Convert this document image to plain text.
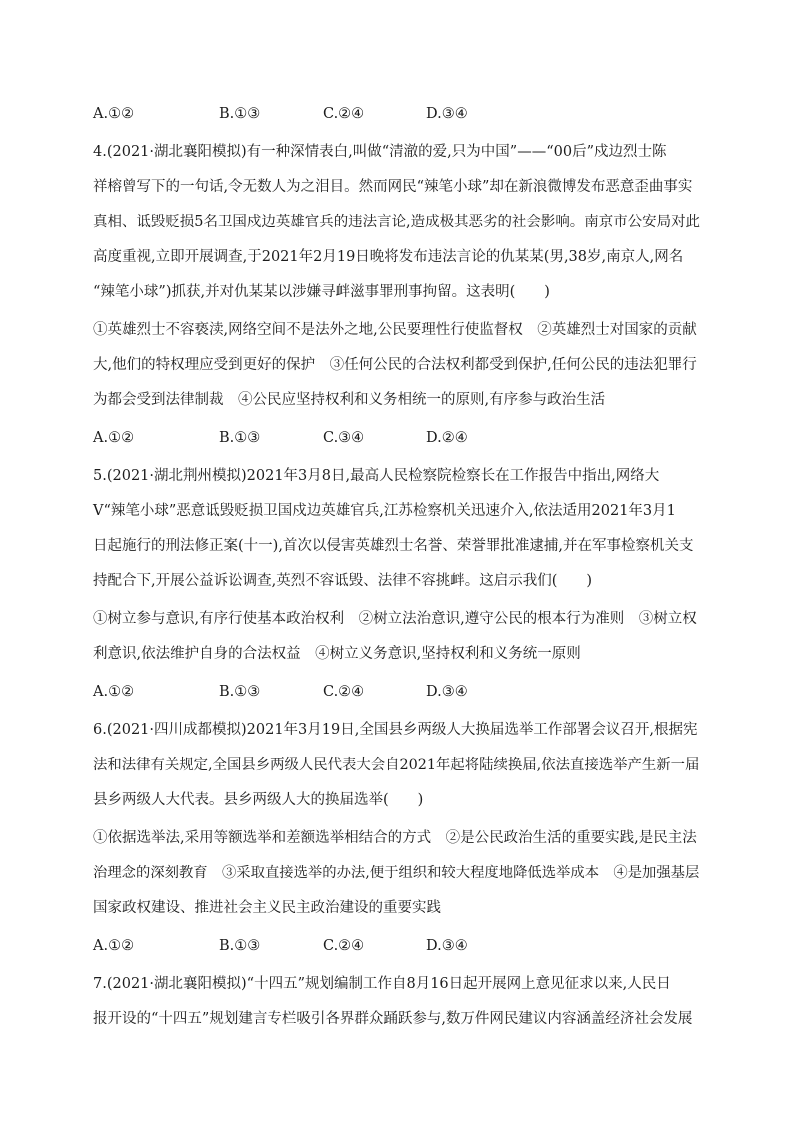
A.①②	B.①③	C.②④	D.③④
4.(2021·湖北襄阳模拟)有一种深情表白,叫做“清澈的爱,只为中国”——“00后”戍边烈士陈
祥榕曾写下的一句话,令无数人为之泪目。然而网民“辣笔小球”却在新浪微博发布恶意歪曲事实
真相、诋毁贬损5名卫国戍边英雄官兵的违法言论,造成极其恶劣的社会影响。南京市公安局对此
高度重视,立即开展调查,于2021年2月19日晚将发布违法言论的仇某某(男,38岁,南京人,网名
“辣笔小球”)抓获,并对仇某某以涉嫌寻衅滋事罪刑事拘留。这表明(　　)
①英雄烈士不容亵渎,网络空间不是法外之地,公民要理性行使监督权　②英雄烈士对国家的贡献
大,他们的特权理应受到更好的保护　③任何公民的合法权利都受到保护,任何公民的违法犯罪行
为都会受到法律制裁　④公民应坚持权利和义务相统一的原则,有序参与政治生活
A.①②	B.①③	C.③④	D.②④
5.(2021·湖北荆州模拟)2021年3月8日,最高人民检察院检察长在工作报告中指出,网络大
V“辣笔小球”恶意诋毁贬损卫国戍边英雄官兵,江苏检察机关迅速介入,依法适用2021年3月1
日起施行的刑法修正案(十一),首次以侵害英雄烈士名誉、荣誉罪批准逮捕,并在军事检察机关支
持配合下,开展公益诉讼调查,英烈不容诋毁、法律不容挑衅。这启示我们(　　)
①树立参与意识,有序行使基本政治权利　②树立法治意识,遵守公民的根本行为准则　③树立权
利意识,依法维护自身的合法权益　④树立义务意识,坚持权利和义务统一原则
A.①②	B.①③	C.②④	D.③④
6.(2021·四川成都模拟)2021年3月19日,全国县乡两级人大换届选举工作部署会议召开,根据宪
法和法律有关规定,全国县乡两级人民代表大会自2021年起将陆续换届,依法直接选举产生新一届
县乡两级人大代表。县乡两级人大的换届选举(　　)
①依据选举法,采用等额选举和差额选举相结合的方式　②是公民政治生活的重要实践,是民主法
治理念的深刻教育　③采取直接选举的办法,便于组织和较大程度地降低选举成本　④是加强基层
国家政权建设、推进社会主义民主政治建设的重要实践
A.①②	B.①③	C.②④	D.③④
7.(2021·湖北襄阳模拟)“十四五”规划编制工作自8月16日起开展网上意见征求以来,人民日
报开设的“十四五”规划建言专栏吸引各界群众踊跃参与,数万件网民建议内容涵盖经济社会发展
